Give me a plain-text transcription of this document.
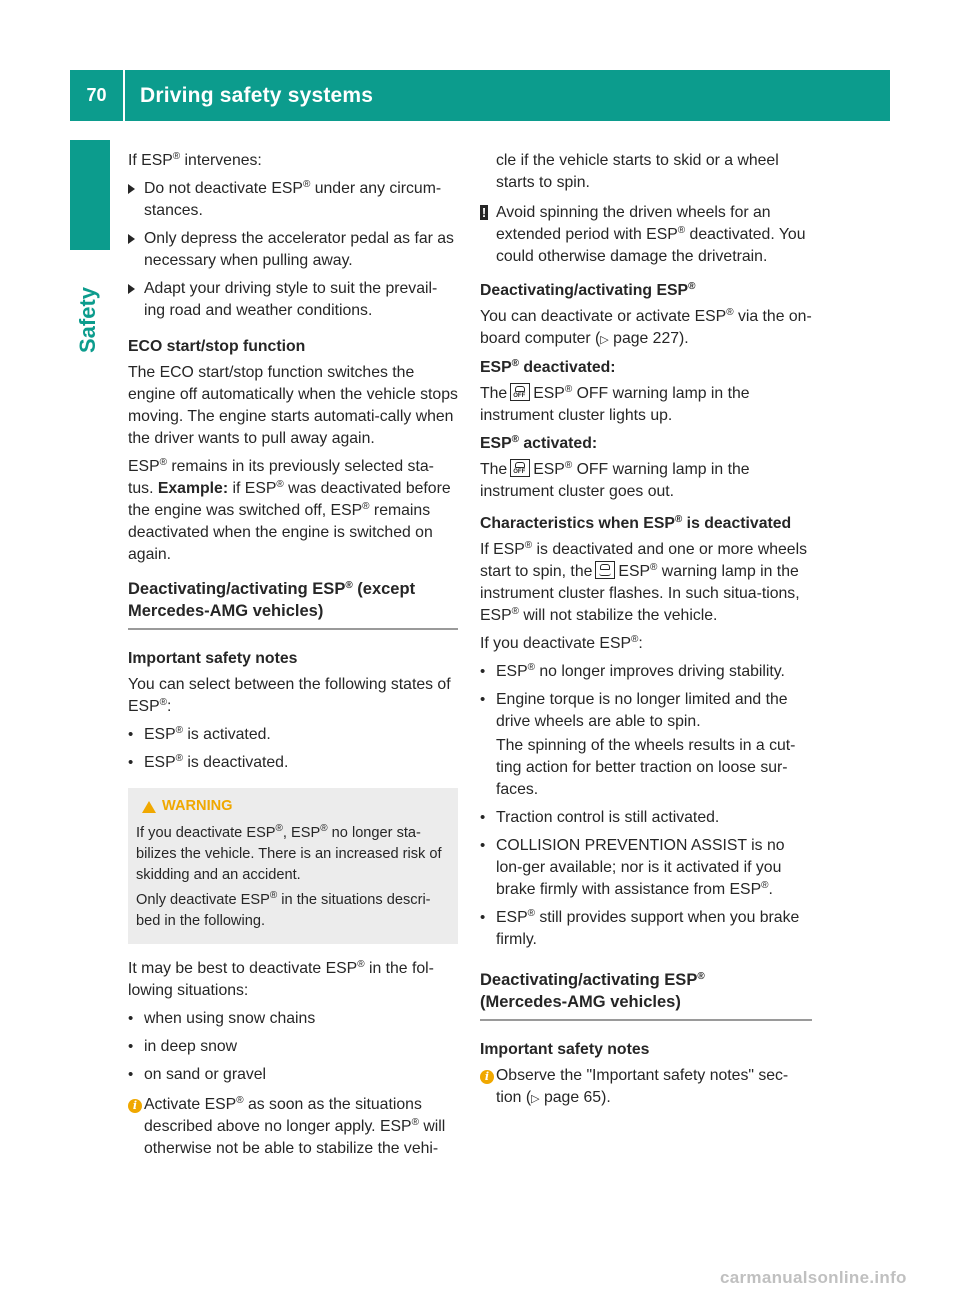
70	Driving safety systems
Safety

If ESP® intervenes:

Do not deactivate ESP® under any circum-stances.
Only depress the accelerator pedal as far as necessary when pulling away.
Adapt your driving style to suit the prevail-ing road and weather conditions.

ECO start/stop function

The ECO start/stop function switches the engine off automatically when the vehicle stops moving. The engine starts automati-cally when the driver wants to pull away again.

ESP® remains in its previously selected sta-tus. Example: if ESP® was deactivated before the engine was switched off, ESP® remains deactivated when the engine is switched on again.

Deactivating/activating ESP® (except Mercedes-AMG vehicles)

Important safety notes

You can select between the following states of ESP®:

• ESP® is activated.
• ESP® is deactivated.
WARNING

If you deactivate ESP®, ESP® no longer sta-bilizes the vehicle. There is an increased risk of skidding and an accident.

Only deactivate ESP® in the situations descri-bed in the following.

It may be best to deactivate ESP® in the fol-lowing situations:

• when using snow chains
• in deep snow
• on sand or gravel
i Activate ESP® as soon as the situations described above no longer apply. ESP® will otherwise not be able to stabilize the vehi-

cle if the vehicle starts to skid or a wheel starts to spin.

! Avoid spinning the driven wheels for an extended period with ESP® deactivated. You could otherwise damage the drivetrain.

Deactivating/activating ESP®

You can deactivate or activate ESP® via the on-board computer (▷ page 227).

ESP® deactivated:

The OFF ESP® OFF warning lamp in the instrument cluster lights up.

ESP® activated:

The OFF ESP® OFF warning lamp in the instrument cluster goes out.

Characteristics when ESP® is deactivated

If ESP® is deactivated and one or more wheels start to spin, the ESP® warning lamp in the instrument cluster flashes. In such situa-tions, ESP® will not stabilize the vehicle.

If you deactivate ESP®:

• ESP® no longer improves driving stability.
• Engine torque is no longer limited and the drive wheels are able to spin.
The spinning of the wheels results in a cut-ting action for better traction on loose sur-faces.
• Traction control is still activated.
• COLLISION PREVENTION ASSIST is no lon-ger available; nor is it activated if you brake firmly with assistance from ESP®.
• ESP® still provides support when you brake firmly.
Deactivating/activating ESP®
(Mercedes-AMG vehicles)

Important safety notes

i Observe the "Important safety notes" sec-tion (▷ page 65).
carmanualsonline.info
